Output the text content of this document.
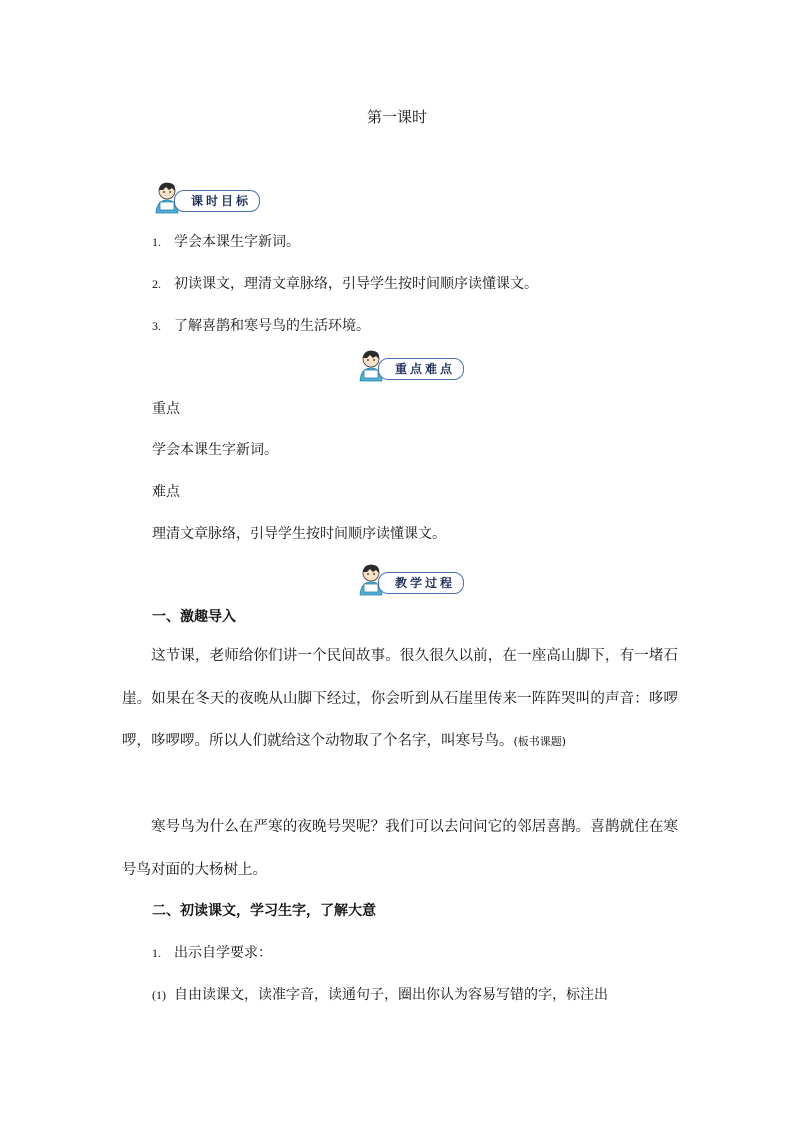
第一课时
课时目标
1. 学会本课生字新词。
2. 初读课文，理清文章脉络，引导学生按时间顺序读懂课文。
3. 了解喜鹊和寒号鸟的生活环境。
重点难点
重点
学会本课生字新词。
难点
理清文章脉络，引导学生按时间顺序读懂课文。
教学过程
一、激趣导入
这节课，老师给你们讲一个民间故事。很久很久以前，在一座高山脚下，有一堵石崖。如果在冬天的夜晚从山脚下经过，你会听到从石崖里传来一阵阵哭叫的声音：哆啰啰，哆啰啰。所以人们就给这个动物取了个名字，叫寒号鸟。(板书课题)
寒号鸟为什么在严寒的夜晚号哭呢？我们可以去问问它的邻居喜鹊。喜鹊就住在寒号鸟对面的大杨树上。
二、初读课文，学习生字，了解大意
1. 出示自学要求：
(1) 自由读课文，读准字音，读通句子，圈出你认为容易写错的字，标注出
